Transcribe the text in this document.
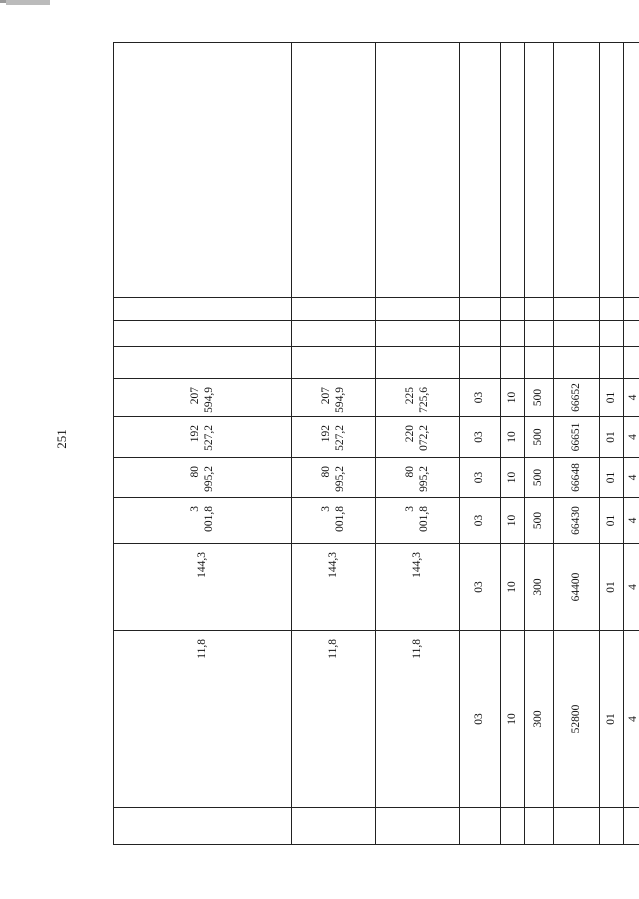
251
	11,8	144,3	3 001,8	80 995,2	192 527,2	207 594,9				
	11,8	144,3	3 001,8	80 995,2	192 527,2	207 594,9				
	11,8	144,3	3 001,8	80 995,2	220 072,2	225 725,6				
	03	03	03	03	03	03				
	10	10	10	10	10	10				
	300	300	500	500	500	500				
	52800	64400	66430	66648	66651	66652				
	01	01	01	01	01	01				
	4	4	4	4	4	4				
